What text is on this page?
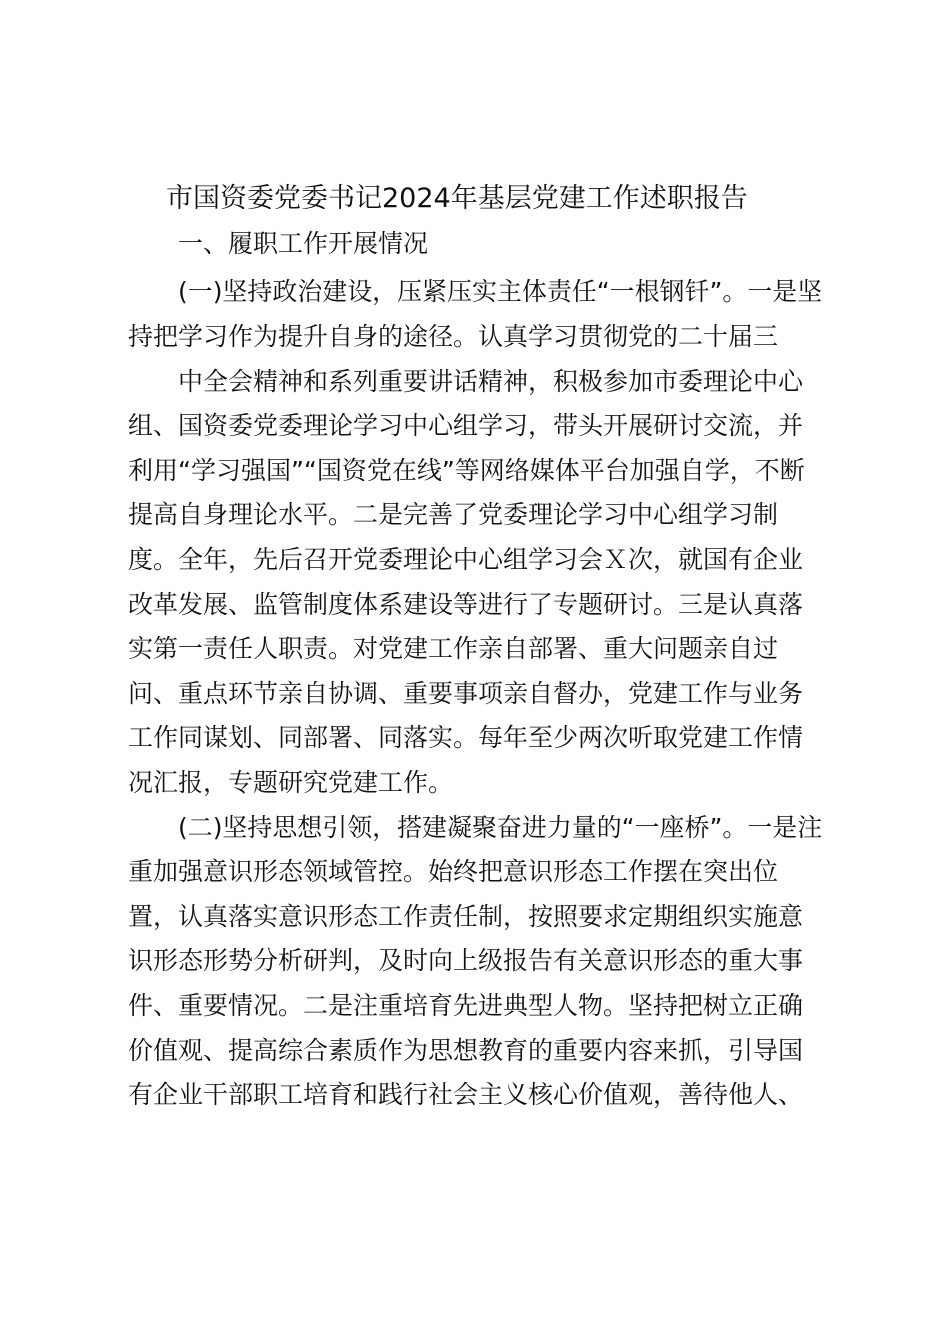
市国资委党委书记2024年基层党建工作述职报告
一、履职工作开展情况
(一)坚持政治建设，压紧压实主体责任“一根钢钎”。一是坚
持把学习作为提升自身的途径。认真学习贯彻党的二十届三
中全会精神和系列重要讲话精神，积极参加市委理论中心
组、国资委党委理论学习中心组学习，带头开展研讨交流，并
利用“学习强国”“国资党在线”等网络媒体平台加强自学，不断
提高自身理论水平。二是完善了党委理论学习中心组学习制
度。全年，先后召开党委理论中心组学习会Ｘ次，就国有企业
改革发展、监管制度体系建设等进行了专题研讨。三是认真落
实第一责任人职责。对党建工作亲自部署、重大问题亲自过
问、重点环节亲自协调、重要事项亲自督办，党建工作与业务
工作同谋划、同部署、同落实。每年至少两次听取党建工作情
况汇报，专题研究党建工作。
(二)坚持思想引领，搭建凝聚奋进力量的“一座桥”。一是注
重加强意识形态领域管控。始终把意识形态工作摆在突出位
置，认真落实意识形态工作责任制，按照要求定期组织实施意
识形态形势分析研判，及时向上级报告有关意识形态的重大事
件、重要情况。二是注重培育先进典型人物。坚持把树立正确
价值观、提高综合素质作为思想教育的重要内容来抓，引导国
有企业干部职工培育和践行社会主义核心价值观，善待他人、
